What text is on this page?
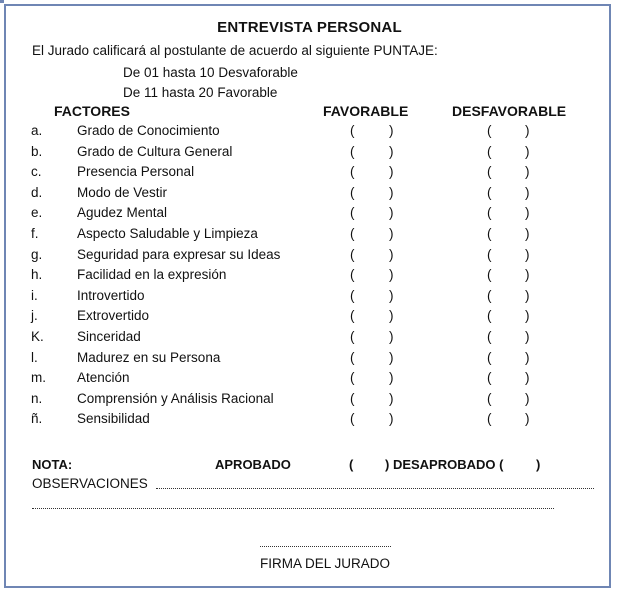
ENTREVISTA PERSONAL
El Jurado calificará al postulante de acuerdo al siguiente PUNTAJE:
De 01 hasta 10 Desvaforable
De 11 hasta 20 Favorable
FACTORES	FAVORABLE	DESFAVORABLE
a.	Grado de Conocimiento	(	)	( )
b.	Grado de Cultura General	(	)	( )
c.	Presencia Personal	(	)	( )
d.	Modo de Vestir	(	)	( )
e.	Agudez Mental	(	)	( )
f.	Aspecto Saludable y Limpieza	(	)	( )
g.	Seguridad para expresar su Ideas	(	)	( )
h.	Facilidad en la expresión	(	)	( )
i.	Introvertido	(	)	( )
j.	Extrovertido	(	)	( )
K. Sinceridad	(	)	( )
l.	Madurez en su Persona	(	)	( )
m. Atención	(	)	( )
n.	Comprensión y Análisis Racional	(	)	( )
ñ.	Sensibilidad	(	)	( )
NOTA:	APROBADO	( ) DESAPROBADO (	)
OBSERVACIONES
FIRMA DEL JURADO
